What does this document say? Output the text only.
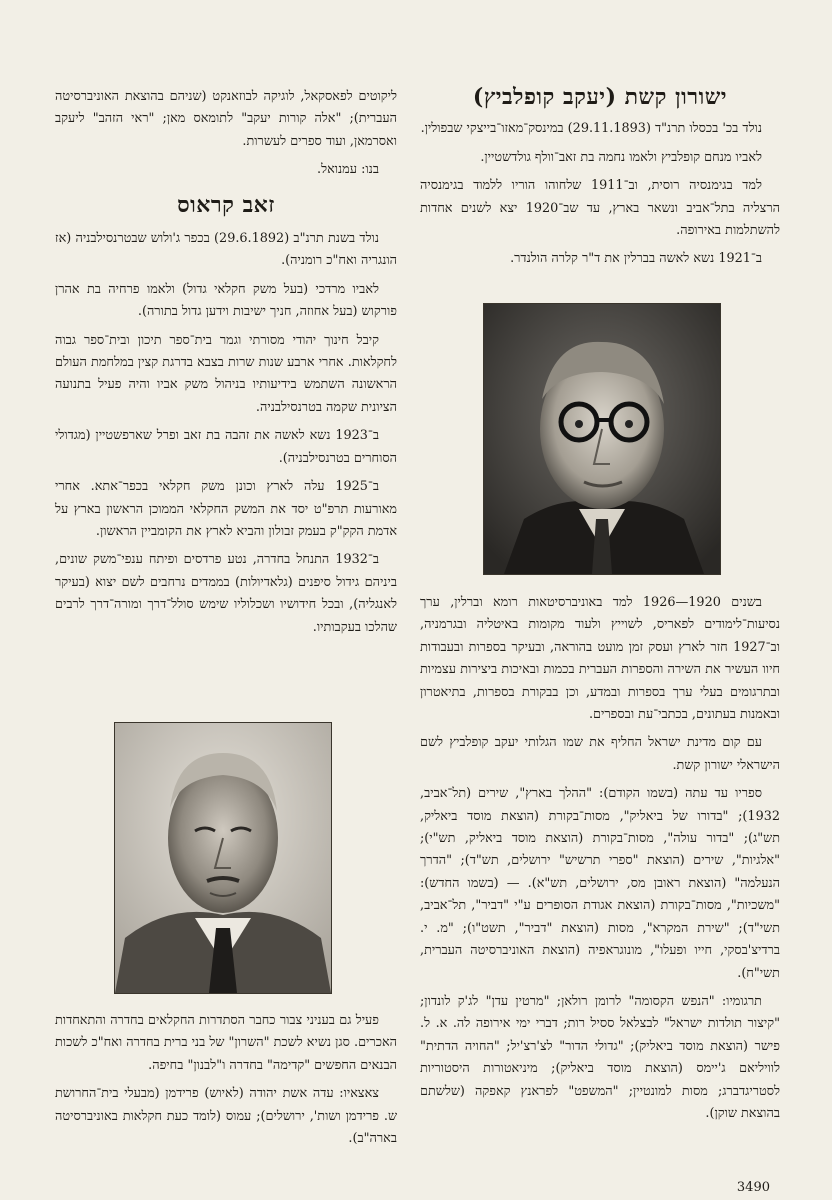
ישורון קשת (יעקב קופלביץ)

נולד בכ' בכסלו תרנ"ד (29.11.1893) במינסק־מאזו־בייצקי שבפולין.

לאביו מנחם קופלביץ ולאמו נחמה בת זאב־וולף גולדשטיין.

למד בגימנסיה רוסית, וב־1911 שלחוהו הוריו ללמוד בגימנסיה הרצליה בתל־אביב ונשאר בארץ, עד שב־1920 יצא לשנים אחדות להשתלמות באירופה.

ב־1921 נשא לאשה בברלין את ד"ר קלרה הולנדר.

בשנים 1920—1926 למד באוניברסיטאות רומא וברלין, ערך נסיעות־לימודים לפאריס, לשוייץ ולעוד מקומות באיטליה ובגרמניה, וב־1927 חזר לארץ ועסק זמן מועט בהוראה, ובעיקר בספרות ובעבודות חיוו העשיר את השירה והספרות העברית בכמות ובאיכות ביצירות עצמיות ובתרגומים בעלי ערך בספרות ובמדע, וכן בבקורת בספרות, בתיאטרון ובאמנות בעתונים, בכתבי־עת ובספרים.

עם קום מדינת ישראל החליף את שמו הגלותי יעקב קופלביץ לשם הישראלי ישורון קשת.

ספריו עד עתה (בשמו הקודם): "ההלך בארץ", שירים (תל־אביב, 1932); "בדורו של ביאליק", מסות־בקורת (הוצאת מוסד ביאליק, תש"ג); "בדור עולה", מסות־בקורת (הוצאת מוסד ביאליק, תש"י); "אלגיות", שירים (הוצאת "ספרי תרשיש" ירושלים, תש"ד); "הדרך הנעלמה" (הוצאת ראובן מס, ירושלים, תש"א). — (בשמו החדש): "משכיות", מסות־בקורת (הוצאת אגודת הסופרים ע"י "דביר", תל־אביב, תשי"ד); "שירת המקרא", מסות (הוצאת "דביר", תשט"ו); "מ. י. ברדיצ'בסקי, חייו ופעלו", מונוגראפיה (הוצאת האוניברסיטה העברית, תשי"ח).

תרגומיו: "הנפש הקסומה" לרומן רולאן; "מרטין עדן" לג'ק לונדון; "קיצור תולדות ישראל" לבצלאל ססיל רות; דברי ימי אירופה לה. א. ל. פישר (הוצאת מוסד ביאליק); "גדולי הדור" לצ'רצ'יל; "החויה הדתית" לוויליאם ג'יימס (הוצאת מוסד ביאליק); מיניאטורות היסטוריות לסטריגדברג; מסות למונטיין; "המשפט" לפראנץ קאפקה (שלשתם בהוצאת שוקן).

ליקוטים לפאסקאל, לוגיקה לבוזאנקט (שניהם בהוצאת האוניברסיטה העברית); "אלה קורות יעקב" לתומאס מאן; "ראי הזהב" ליעקב ואסרמאן, ועוד ספרים לעשרות.

בנו: עמנואל.

זאב קראוס

נולד בשנת תרנ"ב (29.6.1892) בכפר ג'ולוש שבטרנסילבניה (אז הונגריה ואח"כ רומניה).

לאביו מרדכי (בעל משק חקלאי גדול) ולאמו פרחיה בת אהרן פורקוש (בעל אחוזה, חניך ישיבות וידען גדול בתורה).

קיבל חינוך יהודי מסורתי וגמר בית־ספר תיכון ובית־ספר גבוה לחקלאות. אחרי ארבע שנות שרות בצבא בדרגת קצין במלחמת העולם הראשונה השתמש בידיעותיו בניהול משק אביו והיה פעיל בתנועה הציונית שקמה בטרנסילבניה.

ב־1923 נשא לאשה את זהבה בת זאב ופרל שארפשטיין (מגדולי הסוחרים בטרנסילבניה).

ב־1925 עלה לארץ וכונן משק חקלאי בכפר־אתא. אחרי מאורעות תרפ"ט יסד את המשק החקלאי הממוכן הראשון בארץ על אדמת הקק"ק בעמק זבולון והביא לארץ את הקומביין הראשון.

ב־1932 התנחל בחדרה, נטע פרדסים ופיתח ענפי־משק שונים, ביניהם גידול סיפנים (גלאדיולות) בממדים נרחבים לשם יצוא (בעיקר לאנגליה), ובכל חידושיו ושכלוליו שימש סולל־דרך ומורה־דרך לרבים שהלכו בעקבותיו.

פעיל גם בעניני צבור כחבר הסתדרות החקלאים בחדרה והתאחדות האכרים. סגן נשיא לשכת "השרון" של בני ברית בחדרה ואח"כ לשכות הבנאים החפשים "קדימה" בחדרה ו"לבנון" בחיפה.

צאצאיו: עדה אשת יהודה (לאיוש) פרידמן (מבעלי בית־החרושת ש. פרידמן ושות', ירושלים); עמוס (לומד כעת חקלאות באוניברסיטה בארה"ב).

3490
